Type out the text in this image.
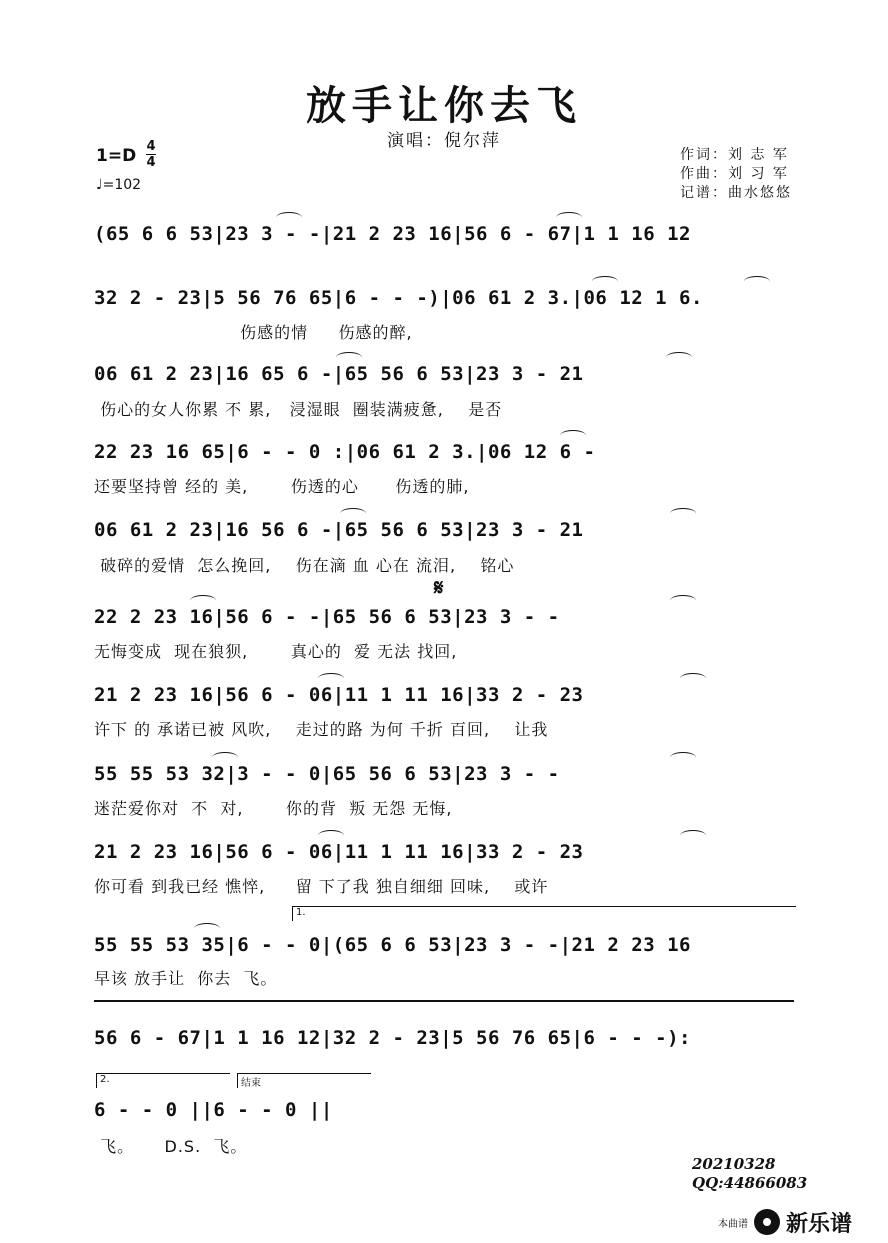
放手让你去飞
演唱：倪尔萍
1=D 4
4
♩=102
作词：刘 志 军
作曲：刘 习 军
记谱：曲水悠悠
(65 6 6 53|23 3 - -|21 2 23 16|56 6 - 67|1 1 16 12
32 2 - 23|5 56 76 65|6 - - -)|06 61 2 3.|06 12 1 6.
伤感的情     伤感的醉,
06 61 2 23|16 65 6 -|65 56 6 53|23 3 - 21
伤心的女人你累 不 累,   浸湿眼  圈装满疲惫,    是否
22 23 16 65|6 - - 0 :|06 61 2 3.|06 12 6 -
还要坚持曾 经的 美,       伤透的心      伤透的肺,
06 61 2 23|16 56 6 -|65 56 6 53|23 3 - 21
破碎的爱情  怎么挽回,    伤在滴 血 心在 流泪,    铭心
𝄋
22 2 23 16|56 6 - -|65 56 6 53|23 3 - -
无悔变成  现在狼狈,       真心的  爱 无法 找回,
21 2 23 16|56 6 - 06|11 1 11 16|33 2 - 23
许下 的 承诺已被 风吹,    走过的路 为何 千折 百回,    让我
55 55 53 32|3 - - 0|65 56 6 53|23 3 - -
迷茫爱你对  不  对,       你的背  叛 无怨 无悔,
21 2 23 16|56 6 - 06|11 1 11 16|33 2 - 23
你可看 到我已经 憔悴,     留 下了我 独自细细 回味,    或许
1.
55 55 53 35|6 - - 0|(65 6 6 53|23 3 - -|21 2 23 16
早该 放手让  你去  飞。
56 6 - 67|1 1 16 12|32 2 - 23|5 56 76 65|6 - - -):
2.	结束
6 - - 0 ||6 - - 0 ||
飞。     D.S.  飞。
20210328
QQ:44866083
本曲谱 新乐谱
